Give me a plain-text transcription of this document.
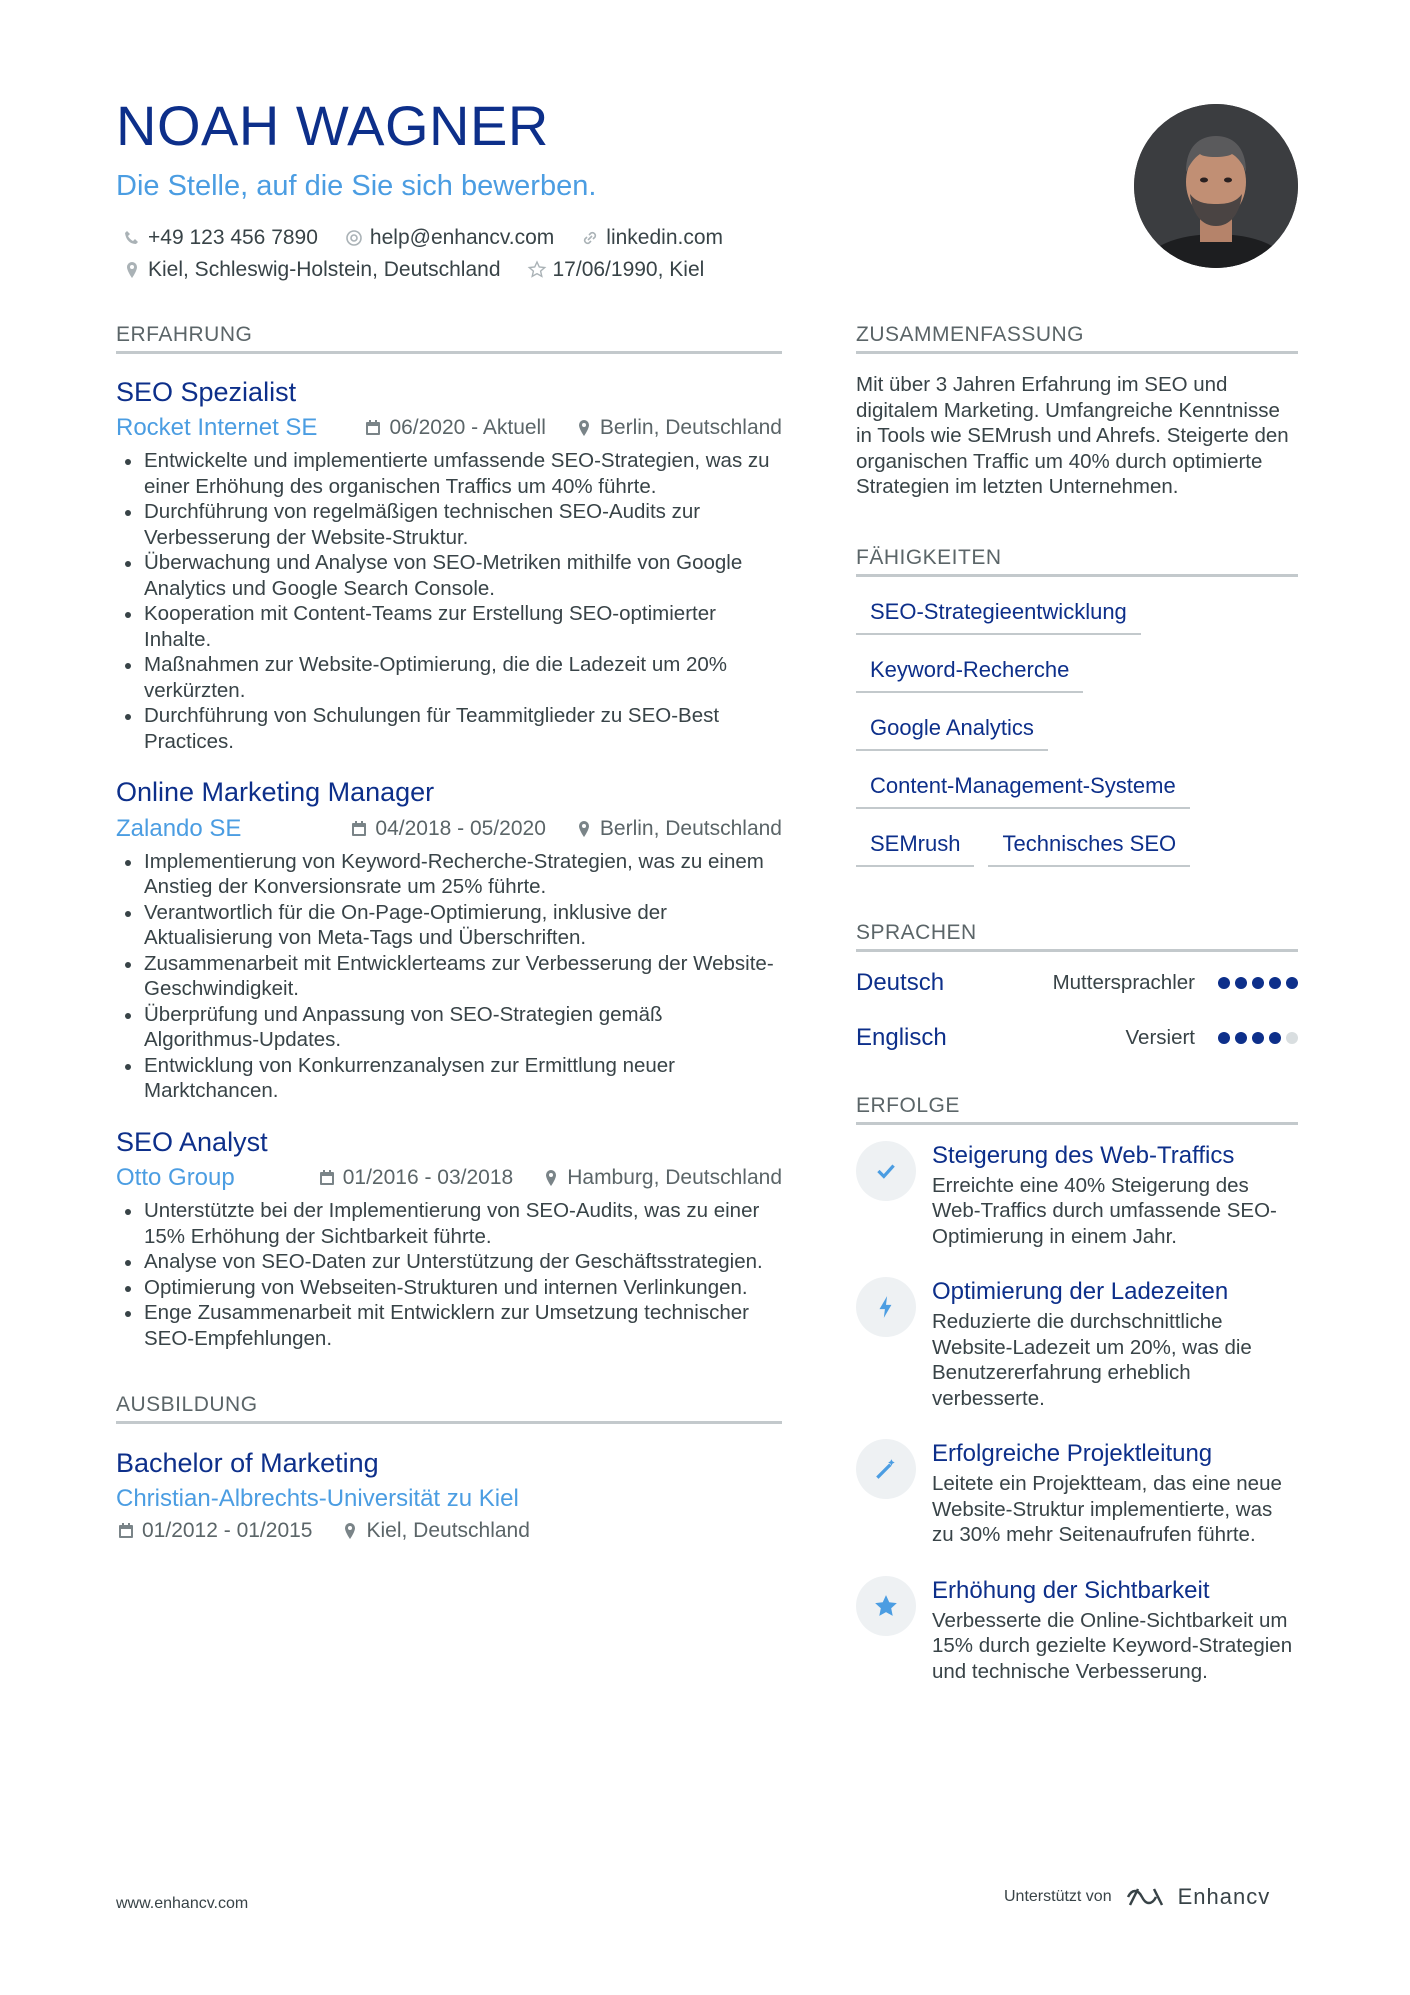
NOAH WAGNER
Die Stelle, auf die Sie sich bewerben.
+49 123 456 7890 help@enhancv.com linkedin.com
Kiel, Schleswig-Holstein, Deutschland 17/06/1990, Kiel
ERFAHRUNG
SEO Spezialist
Rocket Internet SE	06/2020 - Aktuell	Berlin, Deutschland
Entwickelte und implementierte umfassende SEO-Strategien, was zu einer Erhöhung des organischen Traffics um 40% führte.
Durchführung von regelmäßigen technischen SEO-Audits zur Verbesserung der Website-Struktur.
Überwachung und Analyse von SEO-Metriken mithilfe von Google Analytics und Google Search Console.
Kooperation mit Content-Teams zur Erstellung SEO-optimierter Inhalte.
Maßnahmen zur Website-Optimierung, die die Ladezeit um 20% verkürzten.
Durchführung von Schulungen für Teammitglieder zu SEO-Best Practices.
Online Marketing Manager
Zalando SE	04/2018 - 05/2020	Berlin, Deutschland
Implementierung von Keyword-Recherche-Strategien, was zu einem Anstieg der Konversionsrate um 25% führte.
Verantwortlich für die On-Page-Optimierung, inklusive der Aktualisierung von Meta-Tags und Überschriften.
Zusammenarbeit mit Entwicklerteams zur Verbesserung der Website-Geschwindigkeit.
Überprüfung und Anpassung von SEO-Strategien gemäß Algorithmus-Updates.
Entwicklung von Konkurrenzanalysen zur Ermittlung neuer Marktchancen.
SEO Analyst
Otto Group	01/2016 - 03/2018	Hamburg, Deutschland
Unterstützte bei der Implementierung von SEO-Audits, was zu einer 15% Erhöhung der Sichtbarkeit führte.
Analyse von SEO-Daten zur Unterstützung der Geschäftsstrategien.
Optimierung von Webseiten-Strukturen und internen Verlinkungen.
Enge Zusammenarbeit mit Entwicklern zur Umsetzung technischer SEO-Empfehlungen.
AUSBILDUNG
Bachelor of Marketing
Christian-Albrechts-Universität zu Kiel
01/2012 - 01/2015	Kiel, Deutschland
ZUSAMMENFASSUNG
Mit über 3 Jahren Erfahrung im SEO und digitalem Marketing. Umfangreiche Kenntnisse in Tools wie SEMrush und Ahrefs. Steigerte den organischen Traffic um 40% durch optimierte Strategien im letzten Unternehmen.
FÄHIGKEITEN
SEO-Strategieentwicklung
Keyword-Recherche
Google Analytics
Content-Management-Systeme
SEMrush	Technisches SEO
SPRACHEN
Deutsch	Muttersprachler
Englisch	Versiert
ERFOLGE
Steigerung des Web-Traffics
Erreichte eine 40% Steigerung des Web-Traffics durch umfassende SEO-Optimierung in einem Jahr.
Optimierung der Ladezeiten
Reduzierte die durchschnittliche Website-Ladezeit um 20%, was die Benutzererfahrung erheblich verbesserte.
Erfolgreiche Projektleitung
Leitete ein Projektteam, das eine neue Website-Struktur implementierte, was zu 30% mehr Seitenaufrufen führte.
Erhöhung der Sichtbarkeit
Verbesserte die Online-Sichtbarkeit um 15% durch gezielte Keyword-Strategien und technische Verbesserung.
www.enhancv.com	Unterstützt von	Enhancv
